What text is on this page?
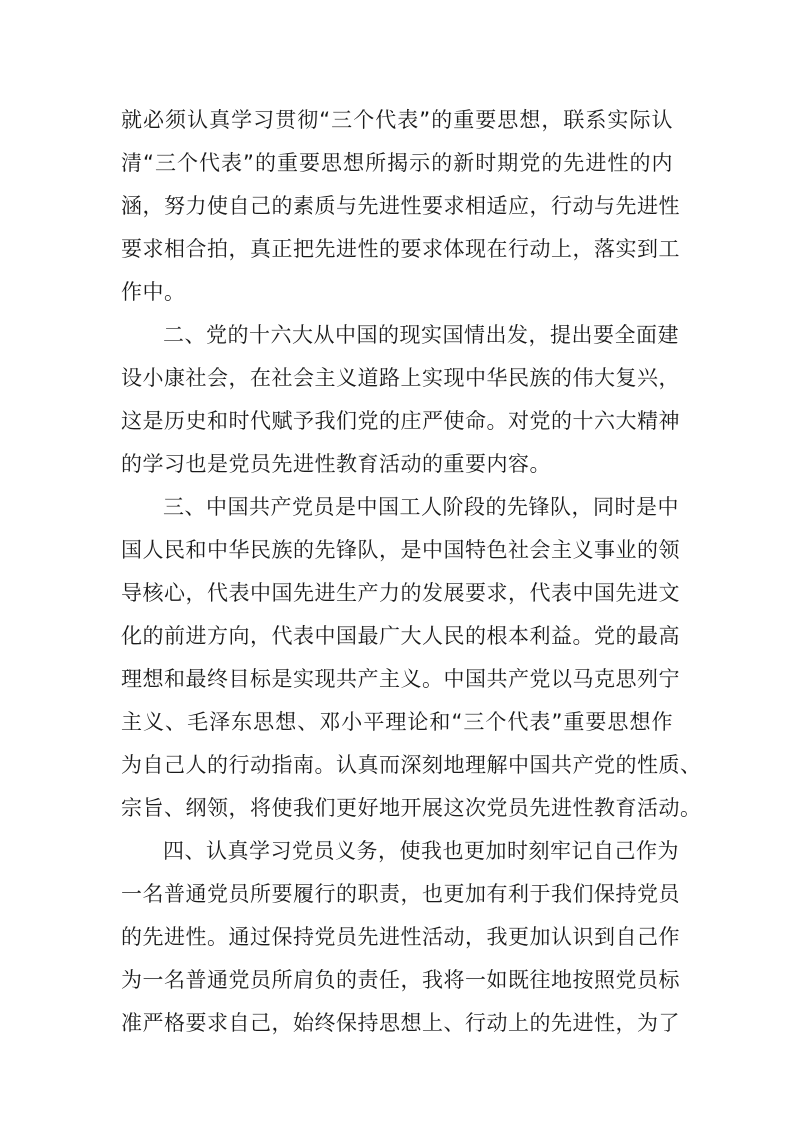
就必须认真学习贯彻“三个代表”的重要思想，联系实际认
清“三个代表”的重要思想所揭示的新时期党的先进性的内
涵，努力使自己的素质与先进性要求相适应，行动与先进性
要求相合拍，真正把先进性的要求体现在行动上，落实到工
作中。
二、党的十六大从中国的现实国情出发，提出要全面建
设小康社会，在社会主义道路上实现中华民族的伟大复兴，
这是历史和时代赋予我们党的庄严使命。对党的十六大精神
的学习也是党员先进性教育活动的重要内容。
三、中国共产党员是中国工人阶段的先锋队，同时是中
国人民和中华民族的先锋队，是中国特色社会主义事业的领
导核心，代表中国先进生产力的发展要求，代表中国先进文
化的前进方向，代表中国最广大人民的根本利益。党的最高
理想和最终目标是实现共产主义。中国共产党以马克思列宁
主义、毛泽东思想、邓小平理论和“三个代表”重要思想作
为自己人的行动指南。认真而深刻地理解中国共产党的性质、
宗旨、纲领，将使我们更好地开展这次党员先进性教育活动。
四、认真学习党员义务，使我也更加时刻牢记自己作为
一名普通党员所要履行的职责，也更加有利于我们保持党员
的先进性。通过保持党员先进性活动，我更加认识到自己作
为一名普通党员所肩负的责任，我将一如既往地按照党员标
准严格要求自己，始终保持思想上、行动上的先进性，为了
